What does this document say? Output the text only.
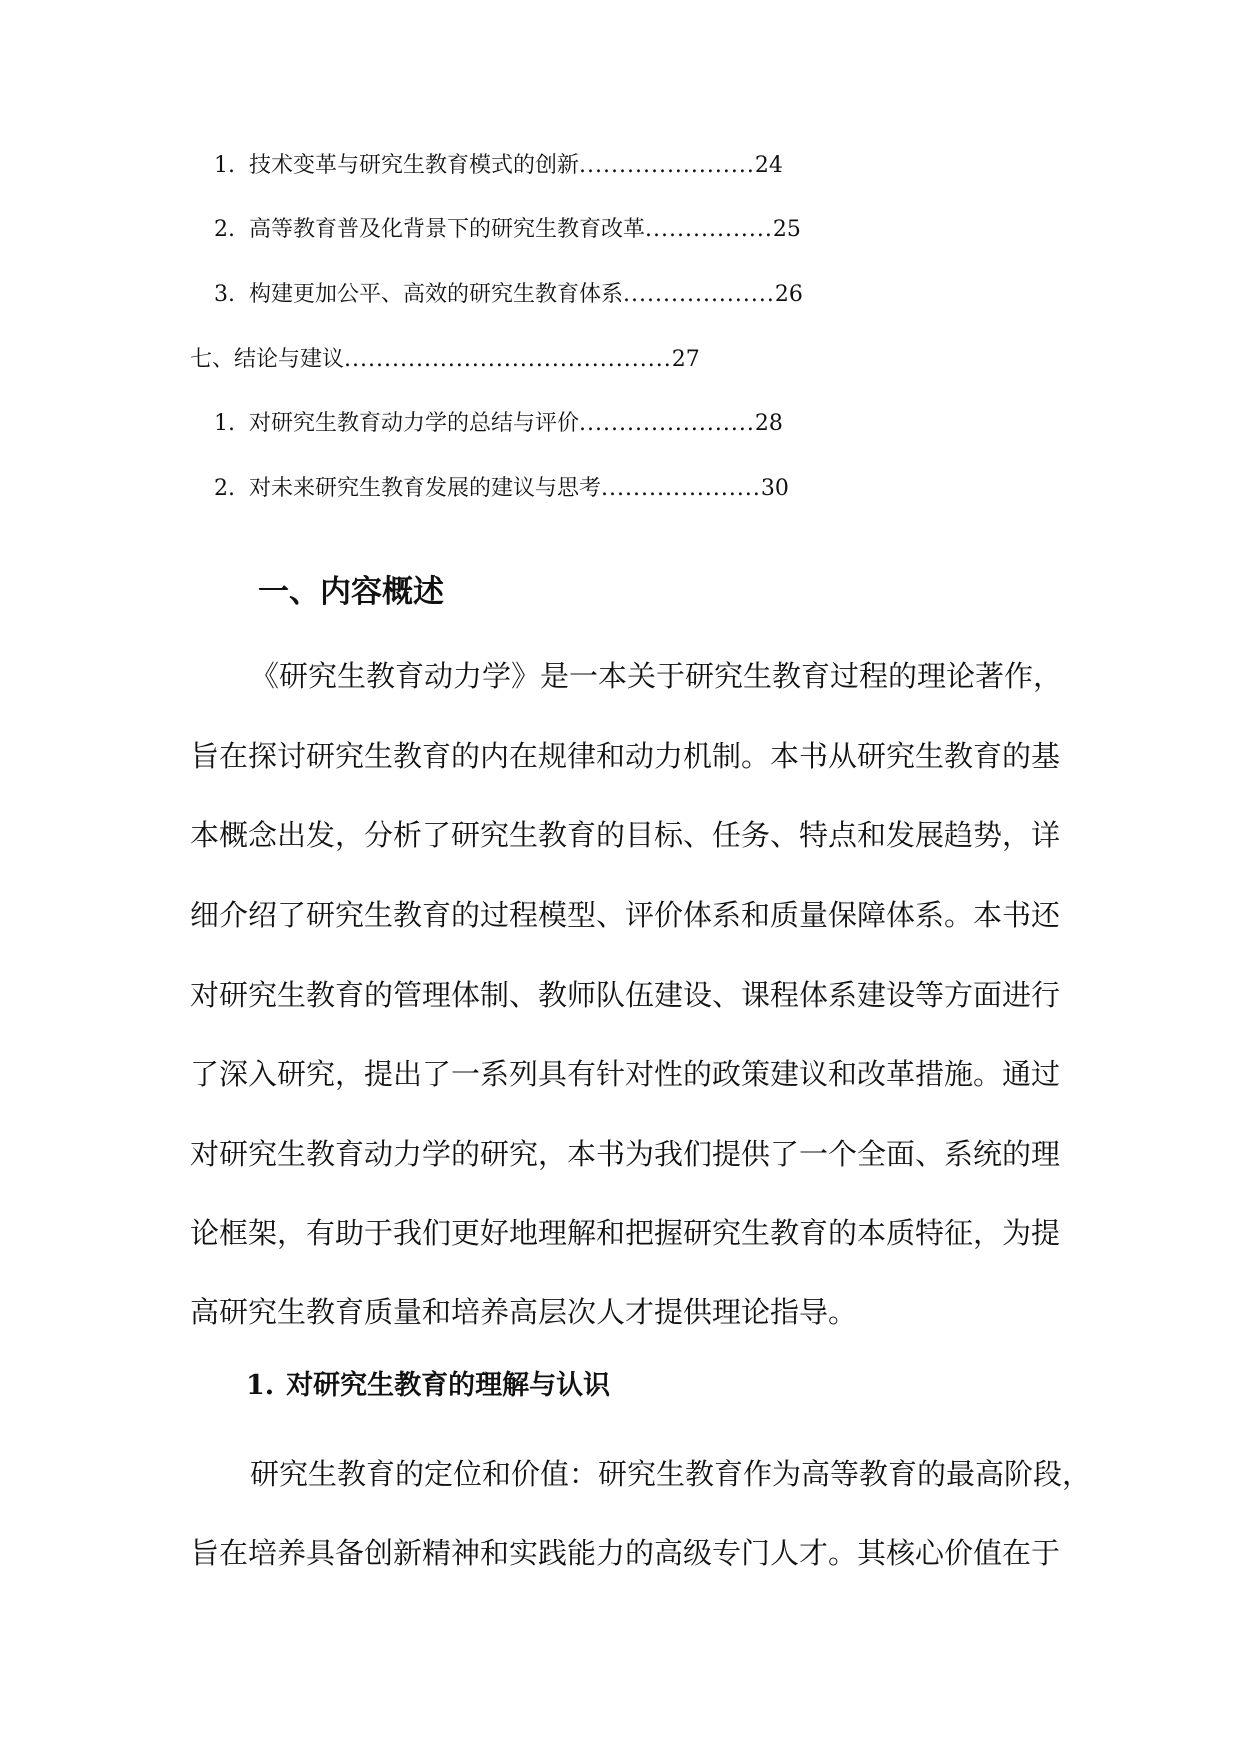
1. 技术变革与研究生教育模式的创新......................24
2. 高等教育普及化背景下的研究生教育改革................25
3. 构建更加公平、高效的研究生教育体系...................26
七、结论与建议.........................................27
1. 对研究生教育动力学的总结与评价......................28
2. 对未来研究生教育发展的建议与思考....................30
一、内容概述
《研究生教育动力学》是一本关于研究生教育过程的理论著作，
旨在探讨研究生教育的内在规律和动力机制。本书从研究生教育的基
本概念出发，分析了研究生教育的目标、任务、特点和发展趋势，详
细介绍了研究生教育的过程模型、评价体系和质量保障体系。本书还
对研究生教育的管理体制、教师队伍建设、课程体系建设等方面进行
了深入研究，提出了一系列具有针对性的政策建议和改革措施。通过
对研究生教育动力学的研究，本书为我们提供了一个全面、系统的理
论框架，有助于我们更好地理解和把握研究生教育的本质特征，为提
高研究生教育质量和培养高层次人才提供理论指导。
1. 对研究生教育的理解与认识
研究生教育的定位和价值：研究生教育作为高等教育的最高阶段，
旨在培养具备创新精神和实践能力的高级专门人才。其核心价值在于
